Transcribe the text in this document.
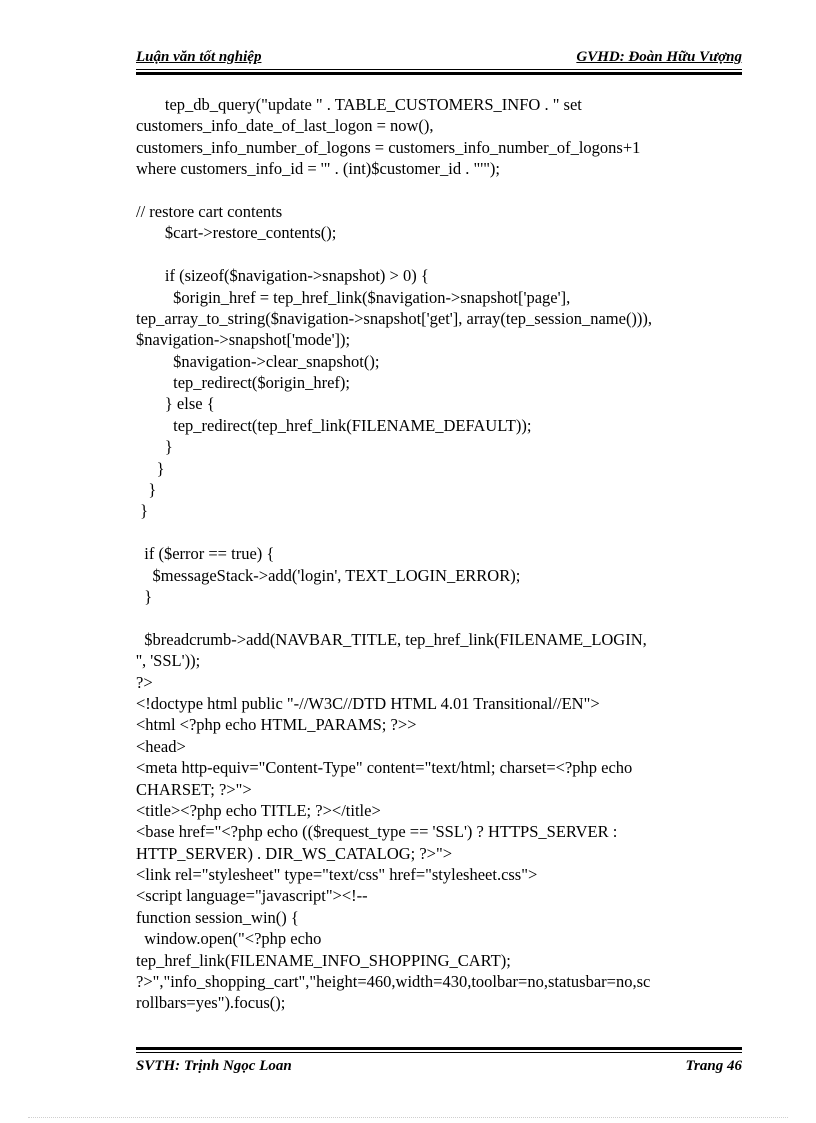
Luận văn tốt nghiệp	GVHD: Đoàn Hữu Vượng
tep_db_query("update " . TABLE_CUSTOMERS_INFO . " set
customers_info_date_of_last_logon = now(),
customers_info_number_of_logons = customers_info_number_of_logons+1
where customers_info_id = '" . (int)$customer_id . "'");
// restore cart contents
$cart->restore_contents();
if (sizeof($navigation->snapshot) > 0) {
$origin_href = tep_href_link($navigation->snapshot['page'],
tep_array_to_string($navigation->snapshot['get'], array(tep_session_name())),
$navigation->snapshot['mode']);
$navigation->clear_snapshot();
tep_redirect($origin_href);
} else {
tep_redirect(tep_href_link(FILENAME_DEFAULT));
}
}
}
}
if ($error == true) {
$messageStack->add('login', TEXT_LOGIN_ERROR);
}
$breadcrumb->add(NAVBAR_TITLE, tep_href_link(FILENAME_LOGIN,
'', 'SSL'));
?>
<!doctype html public "-//W3C//DTD HTML 4.01 Transitional//EN">
<html <?php echo HTML_PARAMS; ?>>
<head>
<meta http-equiv="Content-Type" content="text/html; charset=<?php echo
CHARSET; ?>">
<title><?php echo TITLE; ?></title>
<base href="<?php echo (($request_type == 'SSL') ? HTTPS_SERVER :
HTTP_SERVER) . DIR_WS_CATALOG; ?>">
<link rel="stylesheet" type="text/css" href="stylesheet.css">
<script language="javascript"><!--
function session_win() {
window.open("<?php echo
tep_href_link(FILENAME_INFO_SHOPPING_CART);
?>","info_shopping_cart","height=460,width=430,toolbar=no,statusbar=no,sc
rollbars=yes").focus();
SVTH: Trịnh Ngọc Loan	Trang 46
